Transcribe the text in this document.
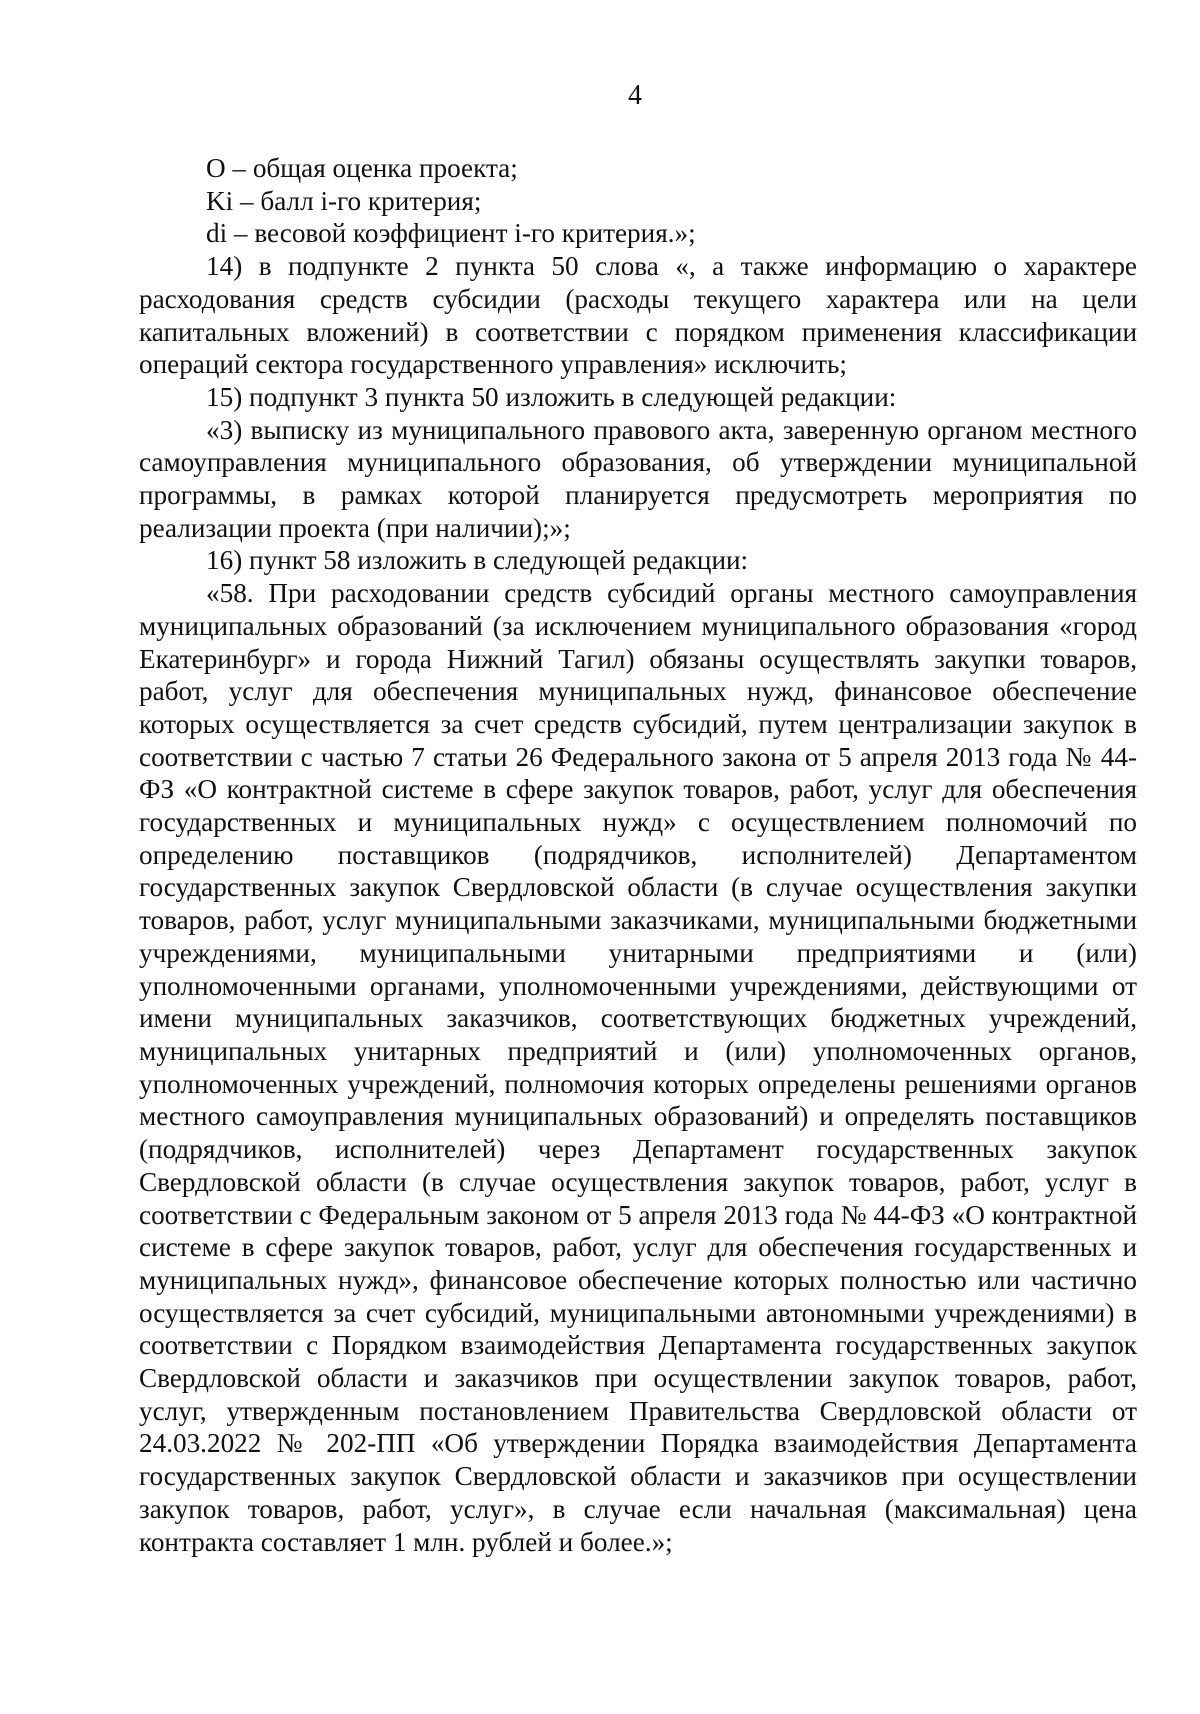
4

О – общая оценка проекта;

Ki – балл i-го критерия;

di – весовой коэффициент i-го критерия.»;

14) в подпункте 2 пункта 50 слова «, а также информацию о характере расходования средств субсидии (расходы текущего характера или на цели капитальных вложений) в соответствии с порядком применения классификации операций сектора государственного управления» исключить;

15) подпункт 3 пункта 50 изложить в следующей редакции:

«3) выписку из муниципального правового акта, заверенную органом местного самоуправления муниципального образования, об утверждении муниципальной программы, в рамках которой планируется предусмотреть мероприятия по реализации проекта (при наличии);»;

16) пункт 58 изложить в следующей редакции:

«58. При расходовании средств субсидий органы местного самоуправления муниципальных образований (за исключением муниципального образования «город Екатеринбург» и города Нижний Тагил) обязаны осуществлять закупки товаров, работ, услуг для обеспечения муниципальных нужд, финансовое обеспечение которых осуществляется за счет средств субсидий, путем централизации закупок в соответствии с частью 7 статьи 26 Федерального закона от 5 апреля 2013 года № 44-ФЗ «О контрактной системе в сфере закупок товаров, работ, услуг для обеспечения государственных и муниципальных нужд» с осуществлением полномочий по определению поставщиков (подрядчиков, исполнителей) Департаментом государственных закупок Свердловской области (в случае осуществления закупки товаров, работ, услуг муниципальными заказчиками, муниципальными бюджетными учреждениями, муниципальными унитарными предприятиями и (или) уполномоченными органами, уполномоченными учреждениями, действующими от имени муниципальных заказчиков, соответствующих бюджетных учреждений, муниципальных унитарных предприятий и (или) уполномоченных органов, уполномоченных учреждений, полномочия которых определены решениями органов местного самоуправления муниципальных образований) и определять поставщиков (подрядчиков, исполнителей) через Департамент государственных закупок Свердловской области (в случае осуществления закупок товаров, работ, услуг в соответствии с Федеральным законом от 5 апреля 2013 года № 44-ФЗ «О контрактной системе в сфере закупок товаров, работ, услуг для обеспечения государственных и муниципальных нужд», финансовое обеспечение которых полностью или частично осуществляется за счет субсидий, муниципальными автономными учреждениями) в соответствии с Порядком взаимодействия Департамента государственных закупок Свердловской области и заказчиков при осуществлении закупок товаров, работ, услуг, утвержденным постановлением Правительства Свердловской области от 24.03.2022 № 202-ПП «Об утверждении Порядка взаимодействия Департамента государственных закупок Свердловской области и заказчиков при осуществлении закупок товаров, работ, услуг», в случае если начальная (максимальная) цена контракта составляет 1 млн. рублей и более.»;
